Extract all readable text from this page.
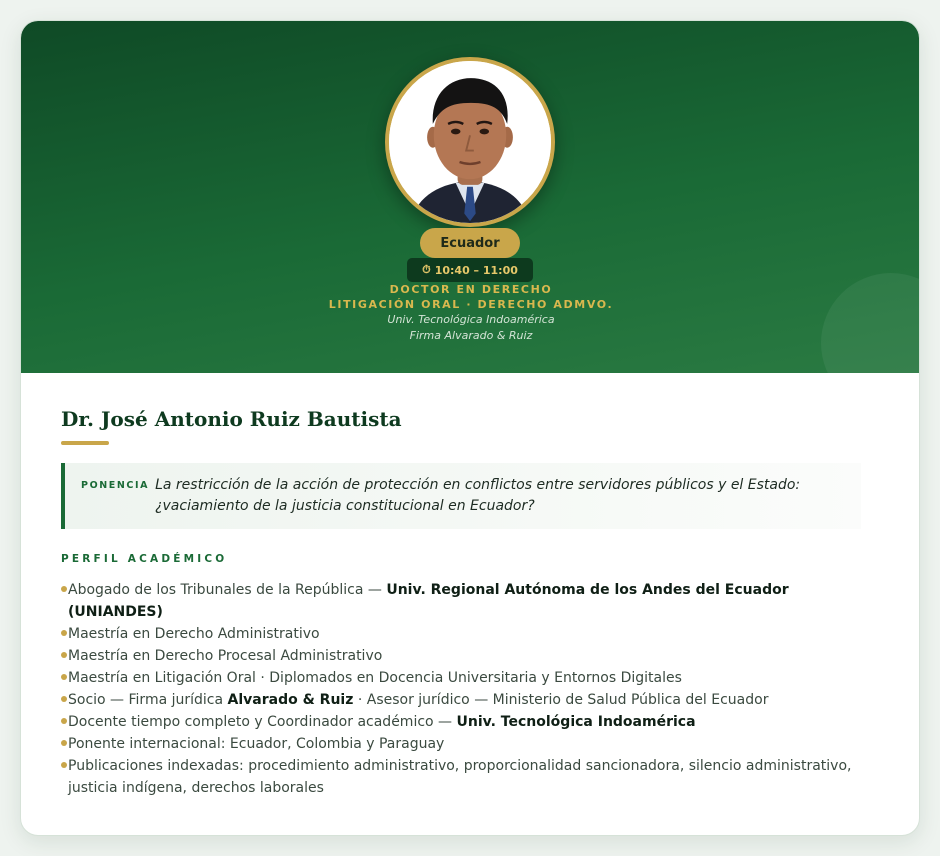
Ecuador
⏱ 10:40 – 11:00
DOCTOR EN DERECHO
LITIGACIÓN ORAL · DERECHO ADMVO.
Univ. Tecnológica Indoamérica
Firma Alvarado & Ruiz
Dr. José Antonio Ruiz Bautista
PONENCIA La restricción de la acción de protección en conflictos entre servidores públicos y el Estado: ¿vaciamiento de la justicia constitucional en Ecuador?
PERFIL ACADÉMICO
Abogado de los Tribunales de la República — Univ. Regional Autónoma de los Andes del Ecuador (UNIANDES)
Maestría en Derecho Administrativo
Maestría en Derecho Procesal Administrativo
Maestría en Litigación Oral · Diplomados en Docencia Universitaria y Entornos Digitales
Socio — Firma jurídica Alvarado & Ruiz · Asesor jurídico — Ministerio de Salud Pública del Ecuador
Docente tiempo completo y Coordinador académico — Univ. Tecnológica Indoamérica
Ponente internacional: Ecuador, Colombia y Paraguay
Publicaciones indexadas: procedimiento administrativo, proporcionalidad sancionadora, silencio administrativo, justicia indígena, derechos laborales
